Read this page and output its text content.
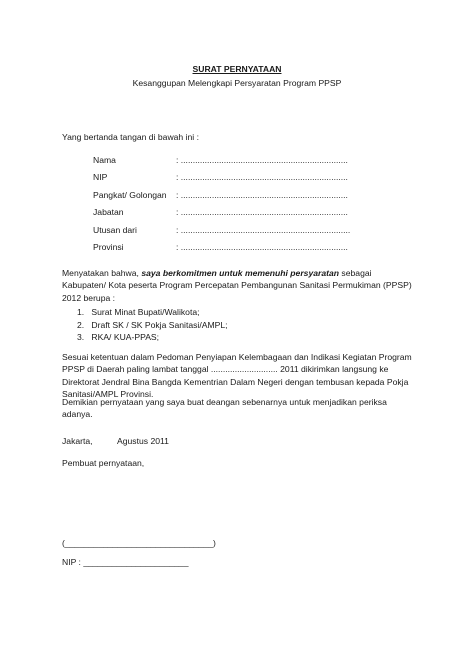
SURAT PERNYATAAN
Kesanggupan Melengkapi Persyaratan Program PPSP
Yang bertanda tangan di bawah ini :
Nama	: ......................................................................
NIP	: ......................................................................
Pangkat/ Golongan : ......................................................................
Jabatan	: ......................................................................
Utusan dari	: .......................................................................
Provinsi	: ......................................................................
Menyatakan bahwa, saya berkomitmen untuk memenuhi persyaratan sebagai Kabupaten/ Kota peserta Program Percepatan Pembangunan Sanitasi Permukiman (PPSP) 2012 berupa :
1. Surat Minat Bupati/Walikota;
2. Draft SK / SK Pokja Sanitasi/AMPL;
3. RKA/ KUA-PPAS;
Sesuai ketentuan dalam Pedoman Penyiapan Kelembagaan dan Indikasi Kegiatan Program PPSP di Daerah paling lambat tanggal ............................ 2011 dikirimkan langsung ke Direktorat Jendral Bina Bangda Kementrian Dalam Negeri dengan tembusan kepada Pokja Sanitasi/AMPL Provinsi.
Demikian pernyataan yang saya buat deangan sebenarnya untuk menjadikan periksa adanya.
Jakarta,	Agustus 2011
Pembuat pernyataan,
(_______________________________)
NIP : ______________________
